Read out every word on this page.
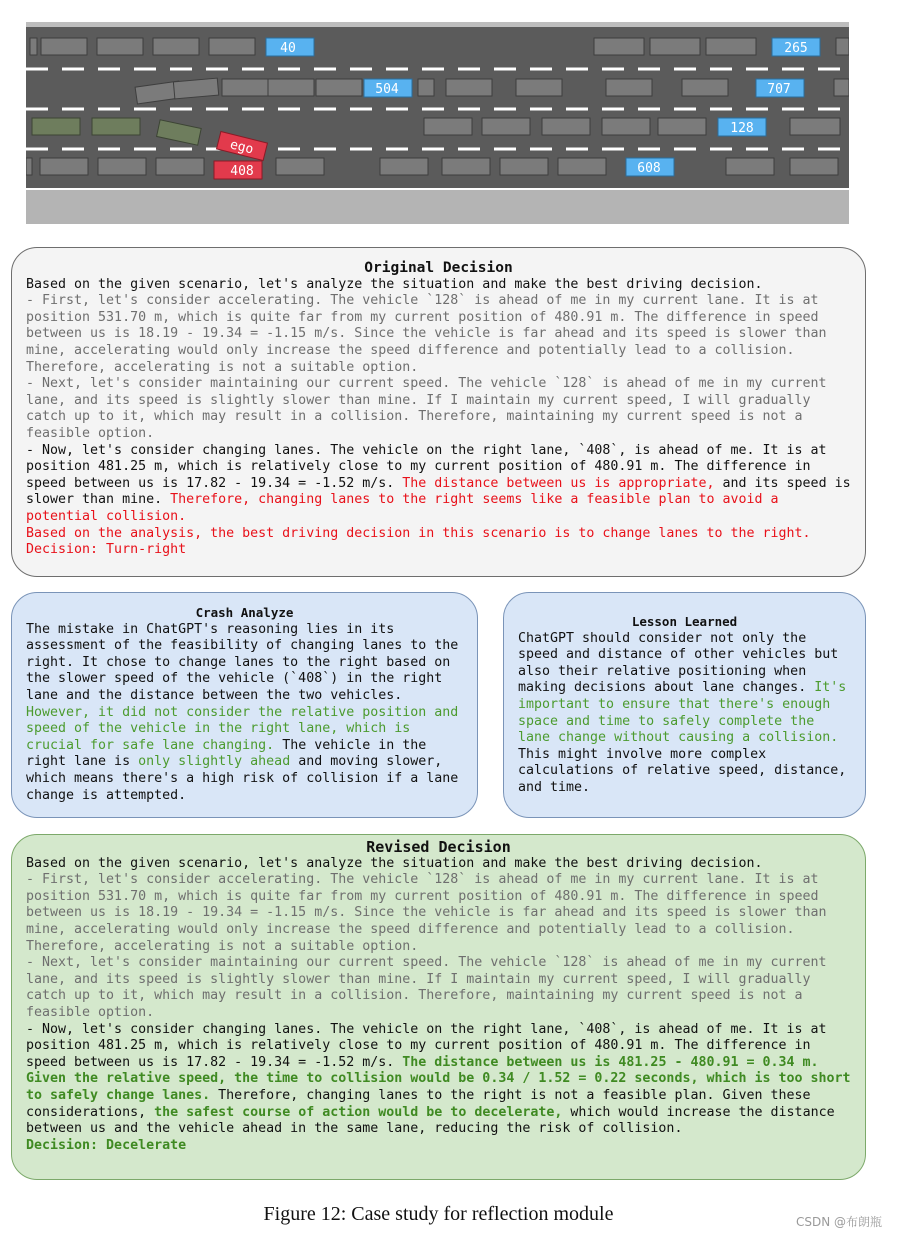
ego
408
40	265
504	707
128
608
Original Decision

Based on the given scenario, let's analyze the situation and make the best driving decision.

- First, let's consider accelerating. The vehicle `128` is ahead of me in my current lane. It is at position 531.70 m, which is quite far from my current position of 480.91 m. The difference in speed between us is 18.19 - 19.34 = -1.15 m/s. Since the vehicle is far ahead and its speed is slower than mine, accelerating would only increase the speed difference and potentially lead to a collision. Therefore, accelerating is not a suitable option.

- Next, let's consider maintaining our current speed. The vehicle `128` is ahead of me in my current lane, and its speed is slightly slower than mine. If I maintain my current speed, I will gradually catch up to it, which may result in a collision. Therefore, maintaining my current speed is not a feasible option.

- Now, let's consider changing lanes. The vehicle on the right lane, `408`, is ahead of me. It is at position 481.25 m, which is relatively close to my current position of 480.91 m. The difference in speed between us is 17.82 - 19.34 = -1.52 m/s. The distance between us is appropriate, and its speed is slower than mine. Therefore, changing lanes to the right seems like a feasible plan to avoid a potential collision.

Based on the analysis, the best driving decision in this scenario is to change lanes to the right.

Decision: Turn-right

Crash Analyze

The mistake in ChatGPT's reasoning lies in its assessment of the feasibility of changing lanes to the right. It chose to change lanes to the right based on the slower speed of the vehicle (`408`) in the right lane and the distance between the two vehicles. However, it did not consider the relative position and speed of the vehicle in the right lane, which is crucial for safe lane changing. The vehicle in the right lane is only slightly ahead and moving slower, which means there's a high risk of collision if a lane change is attempted.

Lesson Learned

ChatGPT should consider not only the speed and distance of other vehicles but also their relative positioning when making decisions about lane changes. It's important to ensure that there's enough space and time to safely complete the lane change without causing a collision. This might involve more complex calculations of relative speed, distance, and time.

Revised Decision

Based on the given scenario, let's analyze the situation and make the best driving decision.

- First, let's consider accelerating. The vehicle `128` is ahead of me in my current lane. It is at position 531.70 m, which is quite far from my current position of 480.91 m. The difference in speed between us is 18.19 - 19.34 = -1.15 m/s. Since the vehicle is far ahead and its speed is slower than mine, accelerating would only increase the speed difference and potentially lead to a collision. Therefore, accelerating is not a suitable option.

- Next, let's consider maintaining our current speed. The vehicle `128` is ahead of me in my current lane, and its speed is slightly slower than mine. If I maintain my current speed, I will gradually catch up to it, which may result in a collision. Therefore, maintaining my current speed is not a feasible option.

- Now, let's consider changing lanes. The vehicle on the right lane, `408`, is ahead of me. It is at position 481.25 m, which is relatively close to my current position of 480.91 m. The difference in speed between us is 17.82 - 19.34 = -1.52 m/s. The distance between us is 481.25 - 480.91 = 0.34 m. Given the relative speed, the time to collision would be 0.34 / 1.52 = 0.22 seconds, which is too short to safely change lanes. Therefore, changing lanes to the right is not a feasible plan. Given these considerations, the safest course of action would be to decelerate, which would increase the distance between us and the vehicle ahead in the same lane, reducing the risk of collision.

Decision: Decelerate

Figure 12: Case study for reflection module	CSDN @布朗瓶
